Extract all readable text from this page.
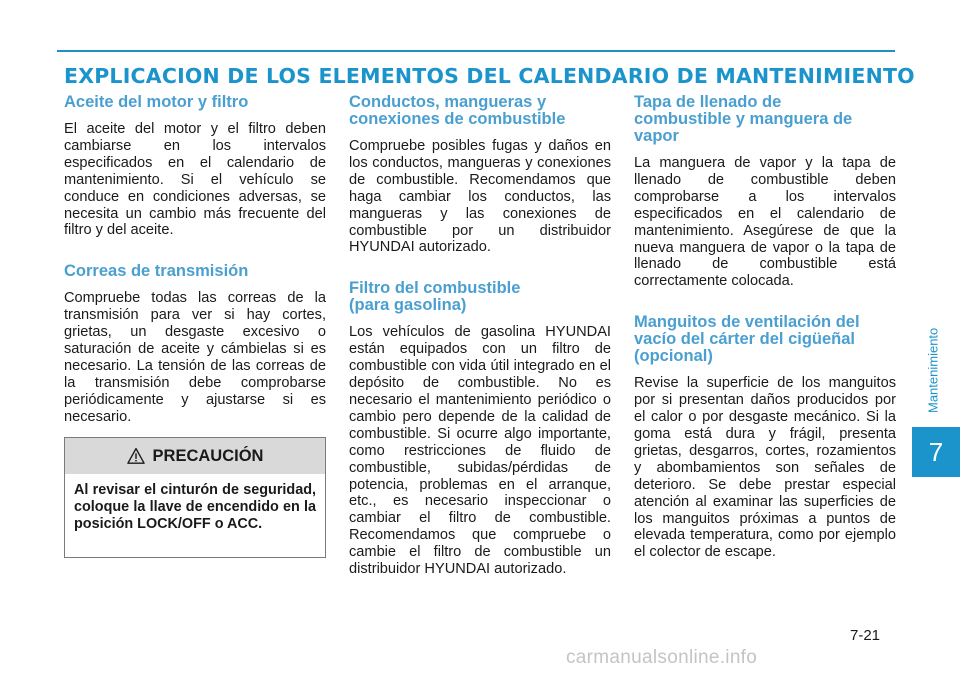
EXPLICACION DE LOS ELEMENTOS DEL CALENDARIO DE MANTENIMIENTO
Aceite del motor y filtro

El aceite del motor y el filtro deben cambiarse en los intervalos especificados en el calendario de mantenimiento. Si el vehículo se conduce en condiciones adversas, se necesita un cambio más frecuente del filtro y del aceite.

Correas de transmisión

Compruebe todas las correas de la transmisión para ver si hay cortes, grietas, un desgaste excesivo o saturación de aceite y cámbielas si es necesario. La tensión de las correas de la transmisión debe comprobarse periódicamente y ajustarse si es necesario.

PRECAUCIÓN
Al revisar el cinturón de seguridad, coloque la llave de encendido en la posición LOCK/OFF o ACC.
Conductos, mangueras y
conexiones de combustible

Compruebe posibles fugas y daños en los conductos, mangueras y conexiones de combustible. Recomendamos que haga cambiar los conductos, las mangueras y las conexiones de combustible por un distribuidor HYUNDAI autorizado.

Filtro del combustible
(para gasolina)

Los vehículos de gasolina HYUNDAI están equipados con un filtro de combustible con vida útil integrado en el depósito de combustible. No es necesario el mantenimiento periódico o cambio pero depende de la calidad de combustible. Si ocurre algo importante, como restricciones de fluido de combustible, subidas/pérdidas de potencia, problemas en el arranque, etc., es necesario inspeccionar o cambiar el filtro de combustible. Recomendamos que compruebe o cambie el filtro de combustible un distribuidor HYUNDAI autorizado.

Tapa de llenado de
combustible y manguera de
vapor

La manguera de vapor y la tapa de llenado de combustible deben comprobarse a los intervalos especificados en el calendario de mantenimiento. Asegúrese de que la nueva manguera de vapor o la tapa de llenado de combustible está correctamente colocada.

Manguitos de ventilación del
vacío del cárter del cigüeñal
(opcional)

Revise la superficie de los manguitos por si presentan daños producidos por el calor o por desgaste mecánico. Si la goma está dura y frágil, presenta grietas, desgarros, cortes, rozamientos y abombamientos son señales de deterioro. Se debe prestar especial atención al examinar las superficies de los manguitos próximas a puntos de elevada temperatura, como por ejemplo el colector de escape.

Mantenimiento
7
7-21
carmanualsonline.info
